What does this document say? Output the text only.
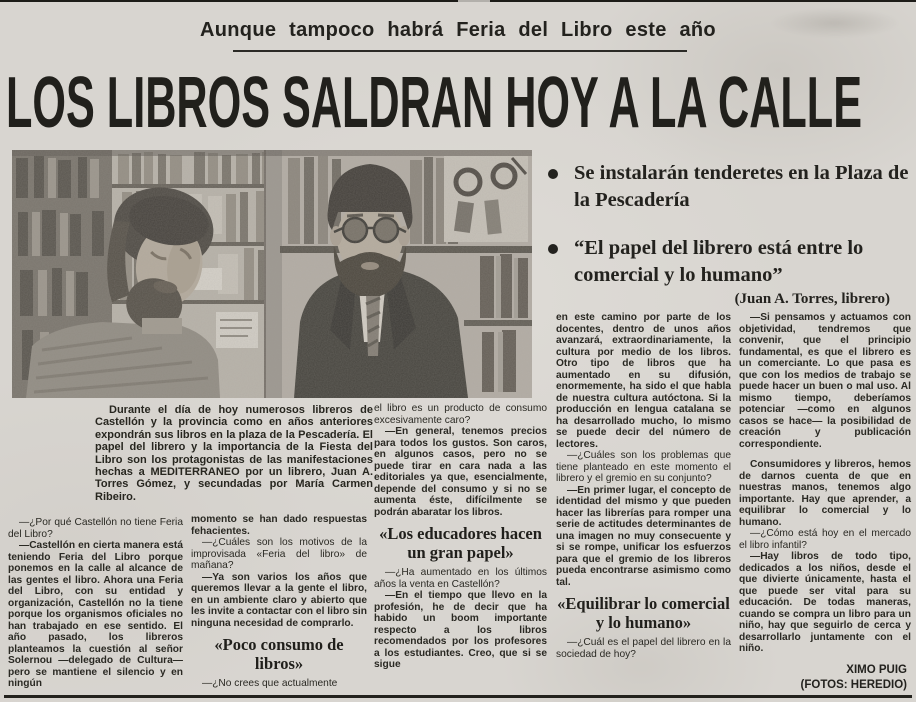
Aunque tampoco habrá Feria del Libro este año
LOS LIBROS SALDRAN HOY A LA CALLE
Se instalarán tenderetes en la Plaza de la Pescadería
“El papel del librero está entre lo comercial y lo humano”
(Juan A. Torres, librero)

Durante el día de hoy numerosos libreros de Castellón y la provincia como en años anteriores expondrán sus libros en la plaza de la Pescadería. El papel del librero y la importancia de la Fiesta del Libro son los protagonistas de las manifestaciones hechas a MEDITERRANEO por un librero, Juan A. Torres Gómez, y secundadas por María Carmen Ribeiro.

—¿Por qué Castellón no tiene Feria del Libro?

—Castellón en cierta manera está teniendo Feria del Libro porque ponemos en la calle al alcance de las gentes el libro. Ahora una Feria del Libro, con su entidad y organización, Castellón no la tiene porque los organismos oficiales no han trabajado en ese sentido. El año pasado, los libreros planteamos la cuestión al señor Solernou —delegado de Cultura— pero se mantiene el silencio y en ningún

momento se han dado respuestas fehacientes.

—¿Cuáles son los motivos de la improvisada «Feria del libro» de mañana?

—Ya son varios los años que queremos llevar a la gente el libro, en un ambiente claro y abierto que les invite a contactar con el libro sin ninguna necesidad de comprarlo.

«Poco consumo de libros»

—¿No crees que actualmente

el libro es un producto de consumo excesivamente caro?

—En general, tenemos precios para todos los gustos. Son caros, en algunos casos, pero no se puede tirar en cara nada a las editoriales ya que, esencialmente, depende del consumo y si no se aumenta éste, difícilmente se podrán abaratar los libros.

«Los educadores hacen un gran papel»

—¿Ha aumentado en los últimos años la venta en Castellón?

—En el tiempo que llevo en la profesión, he de decir que ha habido un boom importante respecto a los libros recomendados por los profesores a los estudiantes. Creo, que si se sigue

en este camino por parte de los docentes, dentro de unos años avanzará, extraordinariamente, la cultura por medio de los libros. Otro tipo de libros que ha aumentado en su difusión, enormemente, ha sido el que habla de nuestra cultura autóctona. Si la producción en lengua catalana se ha desarrollado mucho, lo mismo se puede decir del número de lectores.

—¿Cuáles son los problemas que tiene planteado en este momento el librero y el gremio en su conjunto?

—En primer lugar, el concepto de identidad del mismo y que pueden hacer las librerías para romper una serie de actitudes determinantes de una imagen no muy consecuente y si se rompe, unificar los esfuerzos para que el gremio de los libreros pueda encontrarse asimismo como tal.

«Equilibrar lo comercial y lo humano»

—¿Cuál es el papel del librero en la sociedad de hoy?

—Si pensamos y actuamos con objetividad, tendremos que convenir, que el principio fundamental, es que el librero es un comerciante. Lo que pasa es que con los medios de trabajo se puede hacer un buen o mal uso. Al mismo tiempo, deberíamos potenciar —como en algunos casos se hace— la posibilidad de creación y publicación correspondiente.

Consumidores y libreros, hemos de darnos cuenta de que en nuestras manos, tenemos algo importante. Hay que aprender, a equilibrar lo comercial y lo humano.

—¿Cómo está hoy en el mercado el libro infantil?

—Hay libros de todo tipo, dedicados a los niños, desde el que divierte únicamente, hasta el que puede ser vital para su educación. De todas maneras, cuando se compra un libro para un niño, hay que seguirlo de cerca y desarrollarlo juntamente con el niño.

XIMO PUIG
(FOTOS: HEREDIO)
